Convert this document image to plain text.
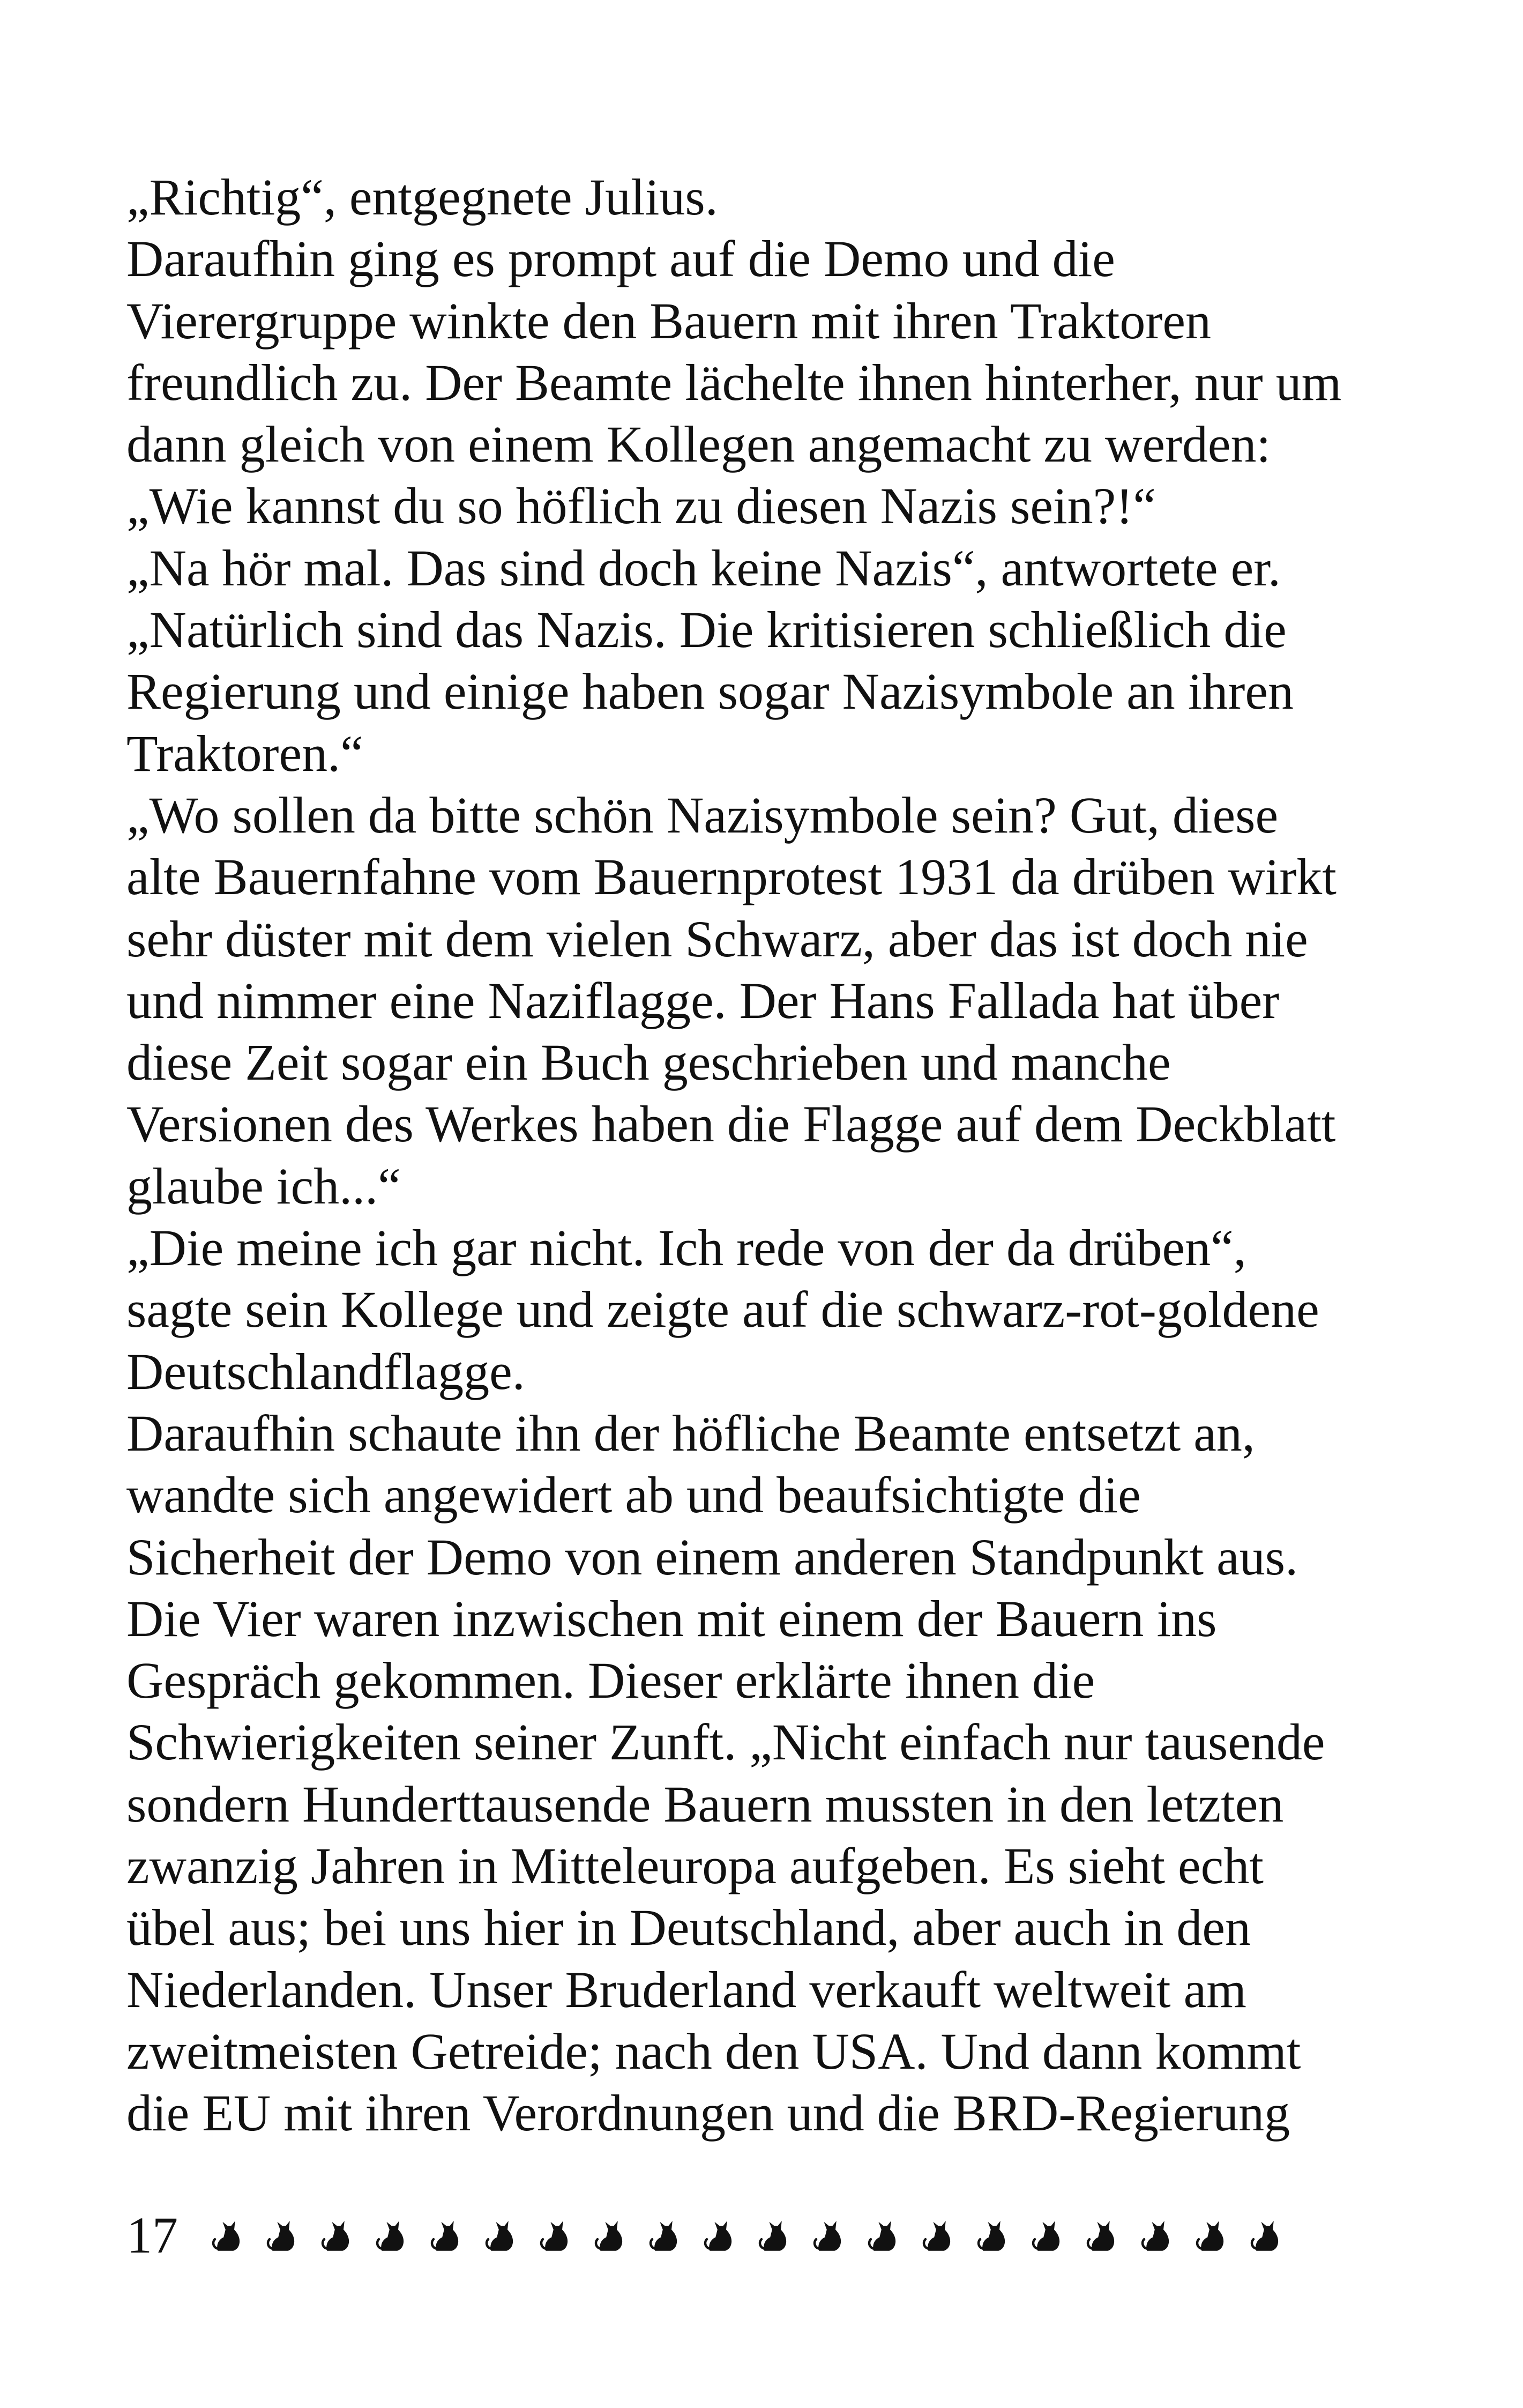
„Richtig“, entgegnete Julius.
Daraufhin ging es prompt auf die Demo und die
Vierergruppe winkte den Bauern mit ihren Traktoren
freundlich zu. Der Beamte lächelte ihnen hinterher, nur um
dann gleich von einem Kollegen angemacht zu werden:
„Wie kannst du so höflich zu diesen Nazis sein?!“
„Na hör mal. Das sind doch keine Nazis“, antwortete er.
„Natürlich sind das Nazis. Die kritisieren schließlich die
Regierung und einige haben sogar Nazisymbole an ihren
Traktoren.“
„Wo sollen da bitte schön Nazisymbole sein? Gut, diese
alte Bauernfahne vom Bauernprotest 1931 da drüben wirkt
sehr düster mit dem vielen Schwarz, aber das ist doch nie
und nimmer eine Naziflagge. Der Hans Fallada hat über
diese Zeit sogar ein Buch geschrieben und manche
Versionen des Werkes haben die Flagge auf dem Deckblatt
glaube ich...“
„Die meine ich gar nicht. Ich rede von der da drüben“,
sagte sein Kollege und zeigte auf die schwarz-rot-goldene
Deutschlandflagge.
Daraufhin schaute ihn der höfliche Beamte entsetzt an,
wandte sich angewidert ab und beaufsichtigte die
Sicherheit der Demo von einem anderen Standpunkt aus.
Die Vier waren inzwischen mit einem der Bauern ins
Gespräch gekommen. Dieser erklärte ihnen die
Schwierigkeiten seiner Zunft. „Nicht einfach nur tausende
sondern Hunderttausende Bauern mussten in den letzten
zwanzig Jahren in Mitteleuropa aufgeben. Es sieht echt
übel aus; bei uns hier in Deutschland, aber auch in den
Niederlanden. Unser Bruderland verkauft weltweit am
zweitmeisten Getreide; nach den USA. Und dann kommt
die EU mit ihren Verordnungen und die BRD-Regierung
17
